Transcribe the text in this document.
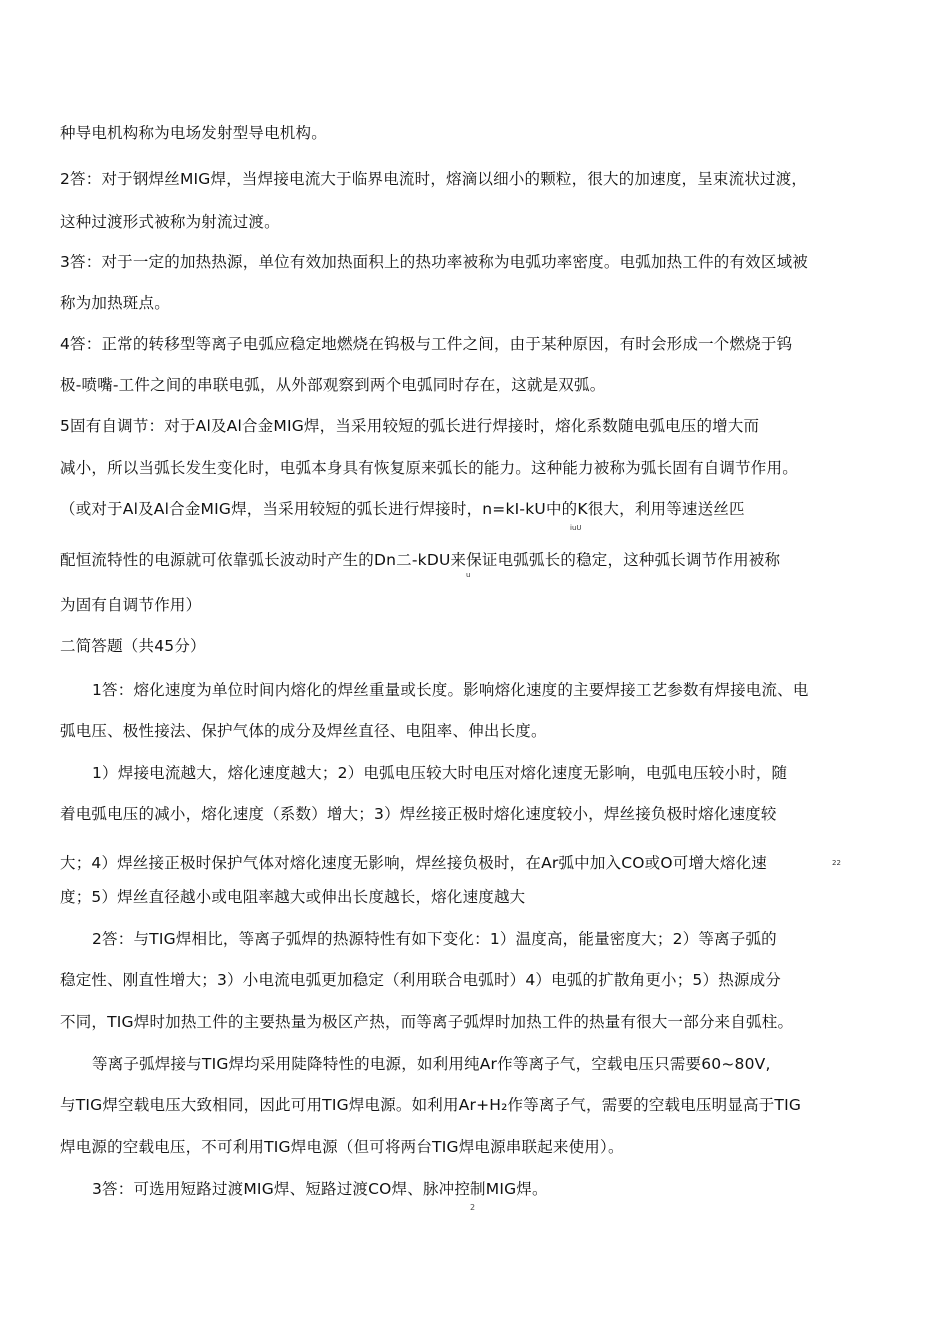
种导电机构称为电场发射型导电机构。
2答：对于钢焊丝MIG焊，当焊接电流大于临界电流时，熔滴以细小的颗粒，很大的加速度，呈束流状过渡，
这种过渡形式被称为射流过渡。
3答：对于一定的加热热源，单位有效加热面积上的热功率被称为电弧功率密度。电弧加热工件的有效区域被
称为加热斑点。
4答：正常的转移型等离子电弧应稳定地燃烧在钨极与工件之间，由于某种原因，有时会形成一个燃烧于钨
极-喷嘴-工件之间的串联电弧，从外部观察到两个电弧同时存在，这就是双弧。
5固有自调节：对于Al及Al合金MIG焊，当采用较短的弧长进行焊接时，熔化系数随电弧电压的增大而
减小，所以当弧长发生变化时，电弧本身具有恢复原来弧长的能力。这种能力被称为弧长固有自调节作用。
（或对于Al及Al合金MIG焊，当采用较短的弧长进行焊接时，n=kI-kU中的K很大，利用等速送丝匹
iuU
配恒流特性的电源就可依靠弧长波动时产生的Dn二-kDU来保证电弧弧长的稳定，这种弧长调节作用被称
u
为固有自调节作用）
二简答题（共45分）
1答：熔化速度为单位时间内熔化的焊丝重量或长度。影响熔化速度的主要焊接工艺参数有焊接电流、电
弧电压、极性接法、保护气体的成分及焊丝直径、电阻率、伸出长度。
1）焊接电流越大，熔化速度越大；2）电弧电压较大时电压对熔化速度无影响，电弧电压较小时，随
着电弧电压的减小，熔化速度（系数）增大；3）焊丝接正极时熔化速度较小，焊丝接负极时熔化速度较
大；4）焊丝接正极时保护气体对熔化速度无影响，焊丝接负极时，在Ar弧中加入CO或O可增大熔化速	22
度；5）焊丝直径越小或电阻率越大或伸出长度越长，熔化速度越大
2答：与TIG焊相比，等离子弧焊的热源特性有如下变化：1）温度高，能量密度大；2）等离子弧的
稳定性、刚直性增大；3）小电流电弧更加稳定（利用联合电弧时）4）电弧的扩散角更小；5）热源成分
不同，TIG焊时加热工件的主要热量为极区产热，而等离子弧焊时加热工件的热量有很大一部分来自弧柱。
等离子弧焊接与TIG焊均采用陡降特性的电源，如利用纯Ar作等离子气，空载电压只需要60~80V,
与TIG焊空载电压大致相同，因此可用TIG焊电源。如利用Ar+H₂作等离子气，需要的空载电压明显高于TIG
焊电源的空载电压，不可利用TIG焊电源（但可将两台TIG焊电源串联起来使用）。
3答：可选用短路过渡MIG焊、短路过渡CO焊、脉冲控制MIG焊。
2
